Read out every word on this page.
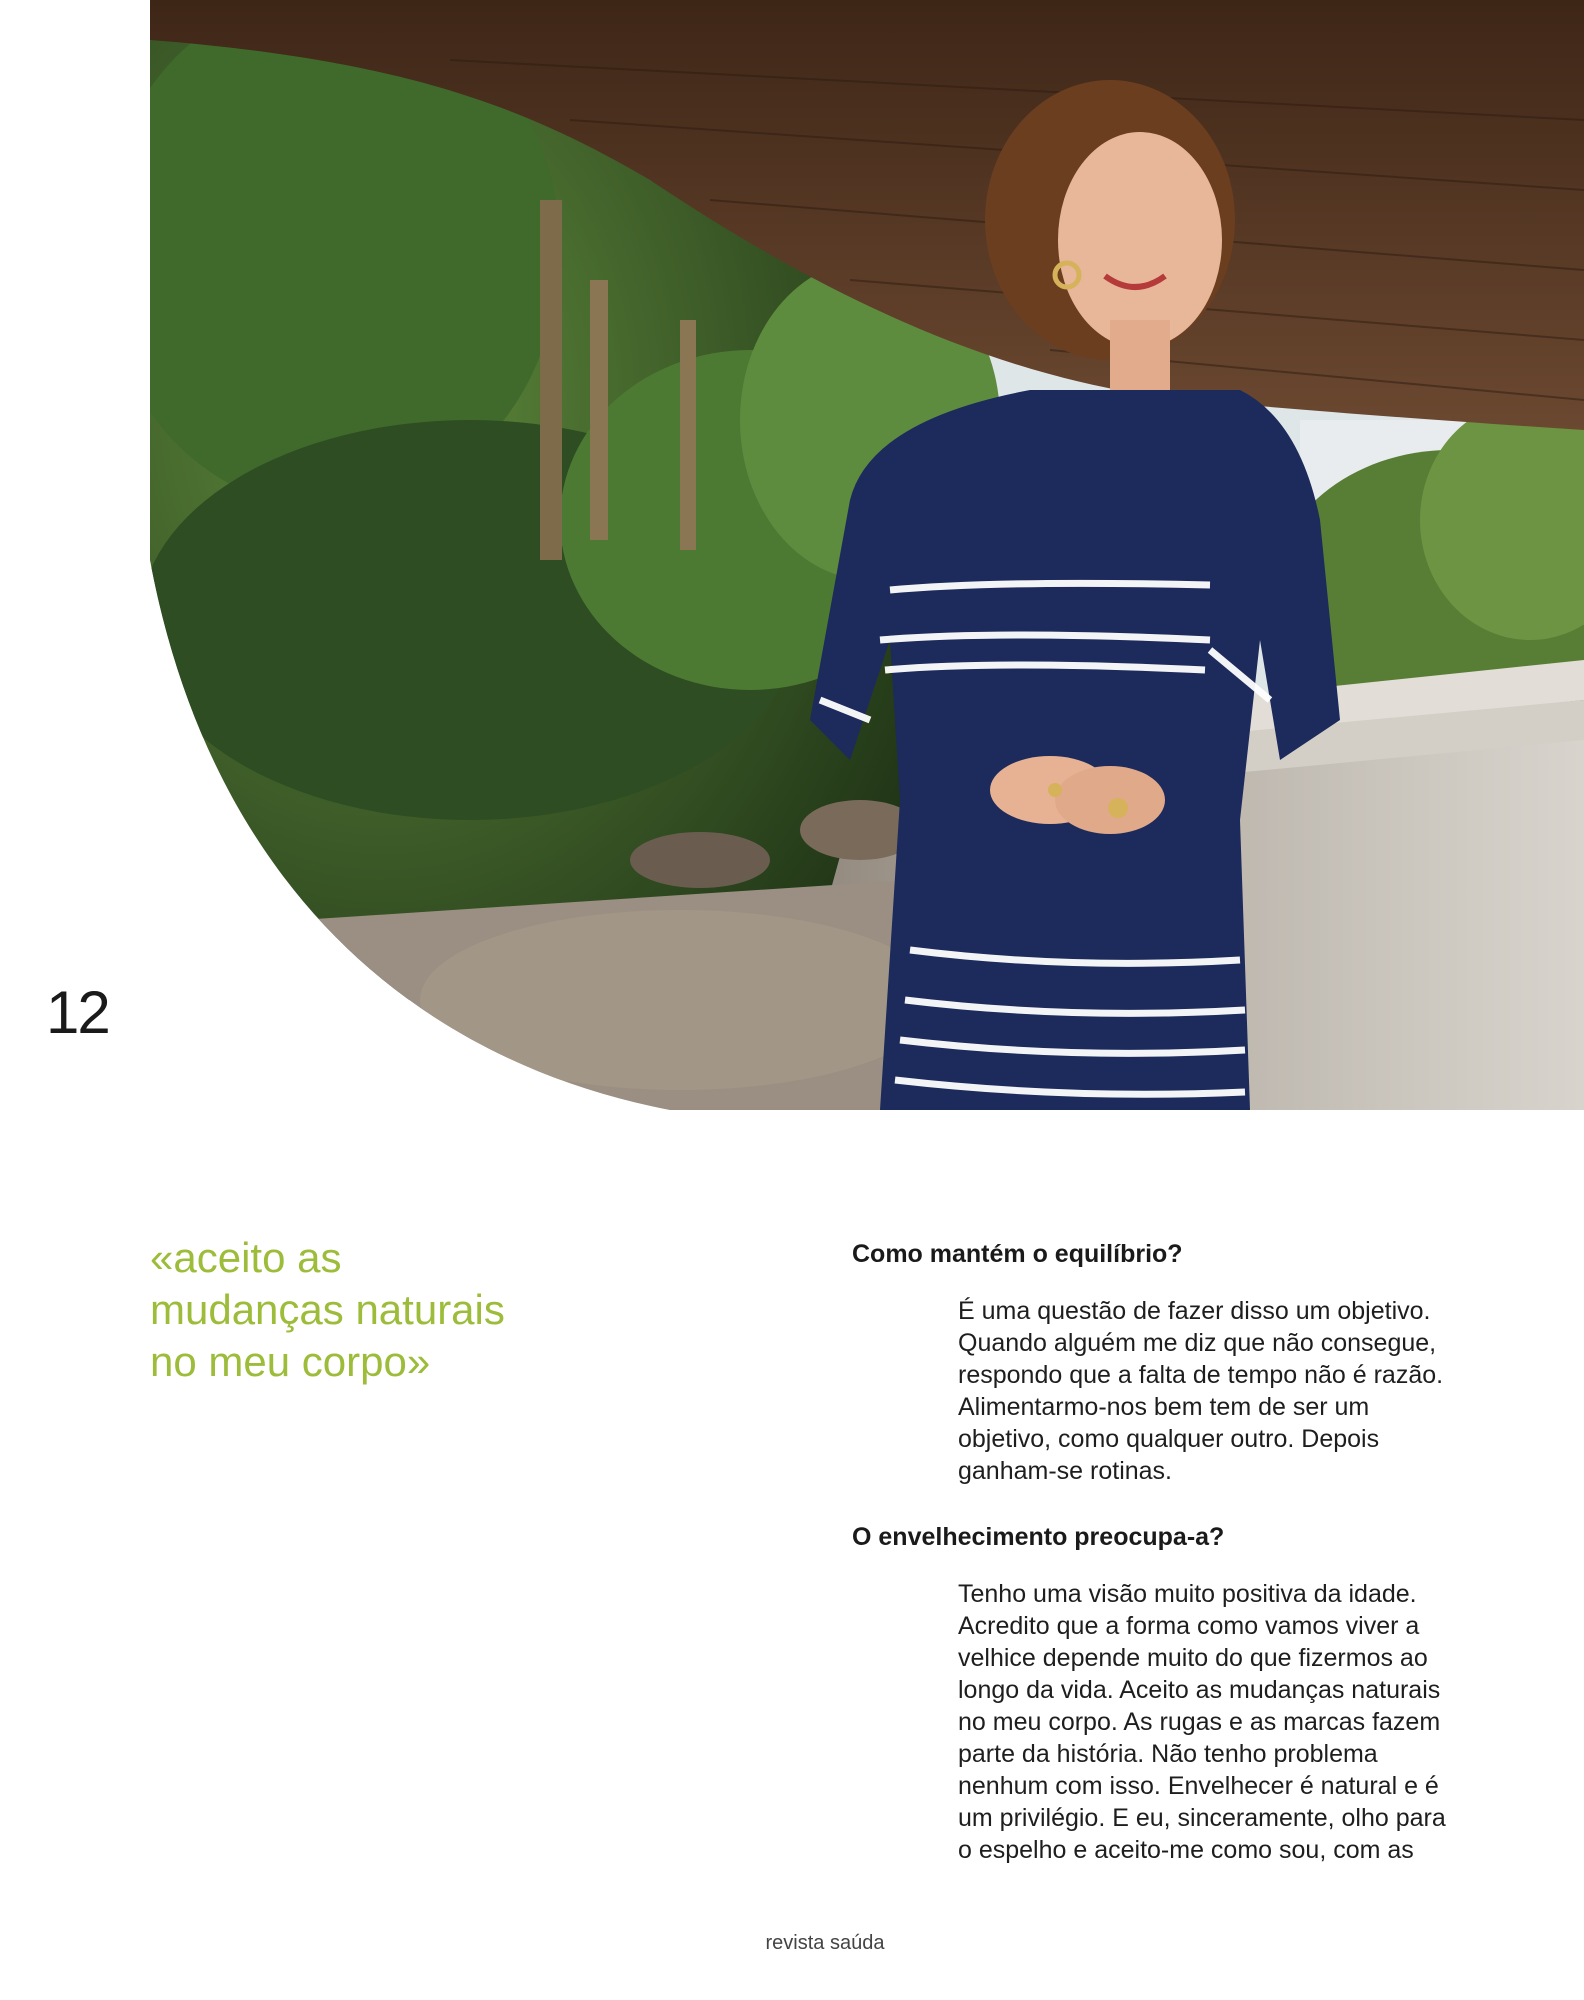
12
«aceito as
mudanças naturais
no meu corpo»

Como mantém o equilíbrio?

É uma questão de fazer disso um objetivo.
Quando alguém me diz que não consegue,
respondo que a falta de tempo não é razão.
Alimentarmo-nos bem tem de ser um
objetivo, como qualquer outro. Depois
ganham-se rotinas.

O envelhecimento preocupa-a?

Tenho uma visão muito positiva da idade.
Acredito que a forma como vamos viver a
velhice depende muito do que fizermos ao
longo da vida. Aceito as mudanças naturais
no meu corpo. As rugas e as marcas fazem
parte da história. Não tenho problema
nenhum com isso. Envelhecer é natural e é
um privilégio. E eu, sinceramente, olho para
o espelho e aceito-me como sou, com as
revista saúda
